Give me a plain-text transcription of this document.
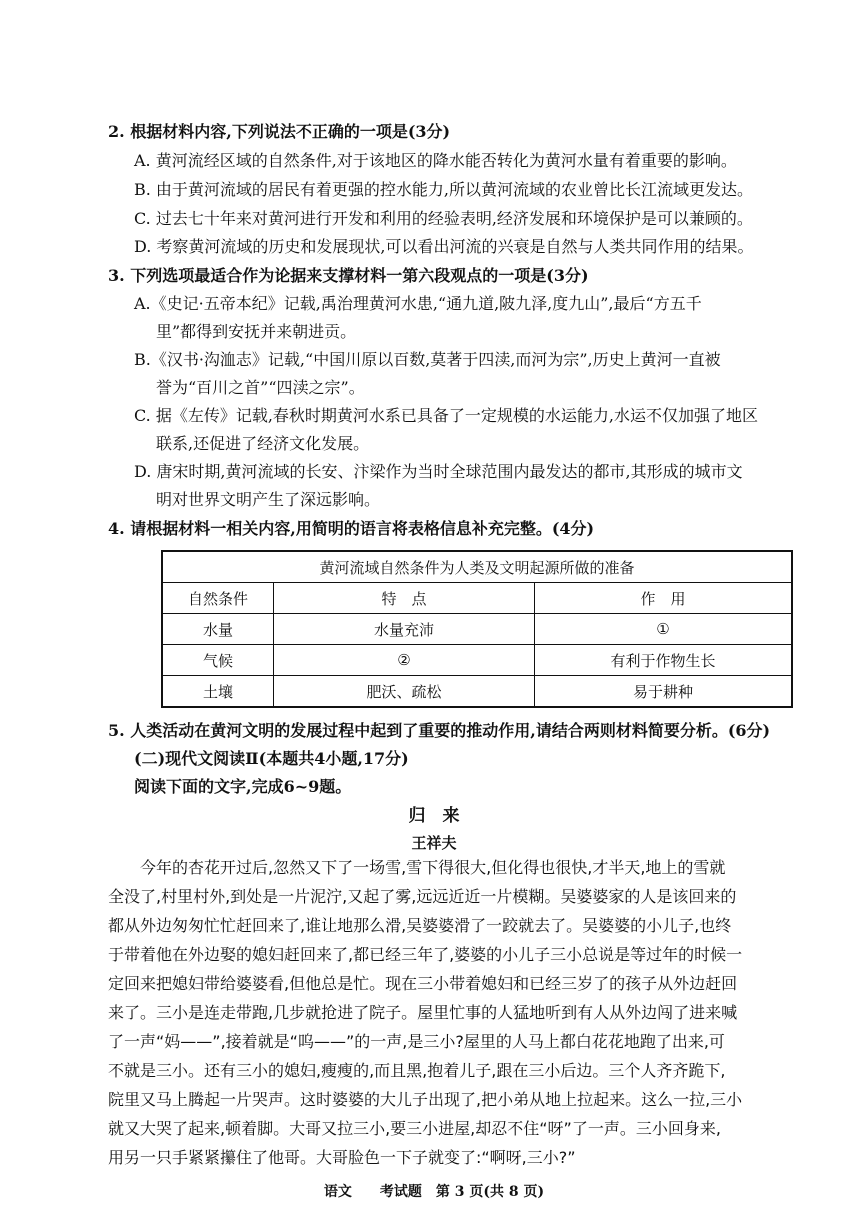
2. 根据材料内容,下列说法不正确的一项是(3分)
A. 黄河流经区域的自然条件,对于该地区的降水能否转化为黄河水量有着重要的影响。
B. 由于黄河流域的居民有着更强的控水能力,所以黄河流域的农业曾比长江流域更发达。
C. 过去七十年来对黄河进行开发和利用的经验表明,经济发展和环境保护是可以兼顾的。
D. 考察黄河流域的历史和发展现状,可以看出河流的兴衰是自然与人类共同作用的结果。
3. 下列选项最适合作为论据来支撑材料一第六段观点的一项是(3分)
A.《史记·五帝本纪》记载,禹治理黄河水患,“通九道,陂九泽,度九山”,最后“方五千
里”都得到安抚并来朝进贡。
B.《汉书·沟洫志》记载,“中国川原以百数,莫著于四渎,而河为宗”,历史上黄河一直被
誉为“百川之首”“四渎之宗”。
C. 据《左传》记载,春秋时期黄河水系已具备了一定规模的水运能力,水运不仅加强了地区
联系,还促进了经济文化发展。
D. 唐宋时期,黄河流域的长安、汴梁作为当时全球范围内最发达的都市,其形成的城市文
明对世界文明产生了深远影响。
4. 请根据材料一相关内容,用简明的语言将表格信息补充完整。(4分)
黄河流域自然条件为人类及文明起源所做的准备		
自然条件	特　点	作　用
水量	水量充沛	①
气候	②	有利于作物生长
土壤	肥沃、疏松	易于耕种
5. 人类活动在黄河文明的发展过程中起到了重要的推动作用,请结合两则材料简要分析。(6分)
(二)现代文阅读Ⅱ(本题共4小题,17分)
阅读下面的文字,完成6~9题。
归　来
王祥夫
　　今年的杏花开过后,忽然又下了一场雪,雪下得很大,但化得也很快,才半天,地上的雪就
全没了,村里村外,到处是一片泥泞,又起了雾,远远近近一片模糊。吴婆婆家的人是该回来的
都从外边匆匆忙忙赶回来了,谁让地那么滑,吴婆婆滑了一跤就去了。吴婆婆的小儿子,也终
于带着他在外边娶的媳妇赶回来了,都已经三年了,婆婆的小儿子三小总说是等过年的时候一
定回来把媳妇带给婆婆看,但他总是忙。现在三小带着媳妇和已经三岁了的孩子从外边赶回
来了。三小是连走带跑,几步就抢进了院子。屋里忙事的人猛地听到有人从外边闯了进来喊
了一声“妈——”,接着就是“呜——”的一声,是三小?屋里的人马上都白花花地跑了出来,可
不就是三小。还有三小的媳妇,瘦瘦的,而且黑,抱着儿子,跟在三小后边。三个人齐齐跪下,
院里又马上腾起一片哭声。这时婆婆的大儿子出现了,把小弟从地上拉起来。这么一拉,三小
就又大哭了起来,顿着脚。大哥又拉三小,要三小进屋,却忍不住“呀”了一声。三小回身来,
用另一只手紧紧攥住了他哥。大哥脸色一下子就变了:“啊呀,三小?”
语文　　考试题　第 3 页(共 8 页)
